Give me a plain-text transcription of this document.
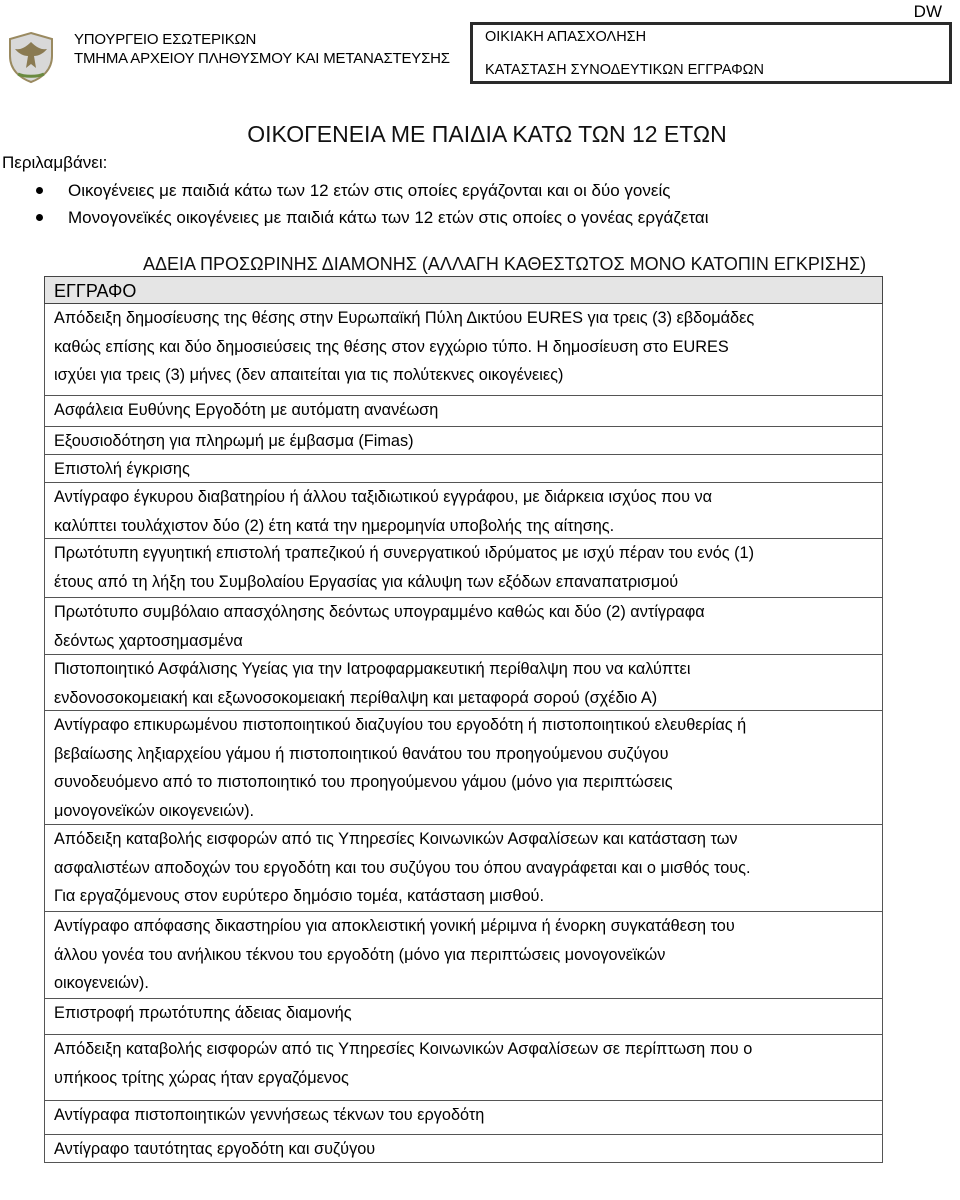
DW
ΥΠΟΥΡΓΕΙΟ ΕΣΩΤΕΡΙΚΩΝ
ΤΜΗΜΑ ΑΡΧΕΙΟΥ ΠΛΗΘΥΣΜΟΥ ΚΑΙ ΜΕΤΑΝΑΣΤΕΥΣΗΣ
ΟΙΚΙΑΚΗ ΑΠΑΣΧΟΛΗΣΗ
ΚΑΤΑΣΤΑΣΗ ΣΥΝΟΔΕΥΤΙΚΩΝ ΕΓΓΡΑΦΩΝ
ΟΙΚΟΓΕΝΕΙΑ ΜΕ ΠΑΙΔΙΑ ΚΑΤΩ ΤΩΝ 12 ΕΤΩΝ
Περιλαμβάνει:
Οικογένειες με παιδιά κάτω των 12 ετών στις οποίες εργάζονται και οι δύο γονείς
Μονογονεϊκές οικογένειες με παιδιά κάτω των 12 ετών στις οποίες ο γονέας εργάζεται
ΑΔΕΙΑ ΠΡΟΣΩΡΙΝΗΣ ΔΙΑΜΟΝΗΣ (ΑΛΛΑΓΗ ΚΑΘΕΣΤΩΤΟΣ ΜΟΝΟ ΚΑΤΟΠΙΝ ΕΓΚΡΙΣΗΣ)
ΕΓΓΡΑΦΟ
Απόδειξη δημοσίευσης της θέσης στην Ευρωπαϊκή Πύλη Δικτύου EURES για τρεις (3) εβδομάδες
καθώς επίσης και δύο δημοσιεύσεις της θέσης στον εγχώριο τύπο. Η δημοσίευση στο EURES
ισχύει για τρεις (3) μήνες (δεν απαιτείται για τις πολύτεκνες οικογένειες)
Ασφάλεια Ευθύνης Εργοδότη με αυτόματη ανανέωση
Εξουσιοδότηση για πληρωμή με έμβασμα (Fimas)
Επιστολή έγκρισης
Αντίγραφο έγκυρου διαβατηρίου ή άλλου ταξιδιωτικού εγγράφου, με διάρκεια ισχύος που να
καλύπτει τουλάχιστον δύο (2) έτη κατά την ημερομηνία υποβολής της αίτησης.
Πρωτότυπη εγγυητική επιστολή τραπεζικού ή συνεργατικού ιδρύματος με ισχύ πέραν του ενός (1)
έτους από τη λήξη του Συμβολαίου Εργασίας για κάλυψη των εξόδων επαναπατρισμού
Πρωτότυπο συμβόλαιο απασχόλησης δεόντως υπογραμμένο καθώς και δύο (2) αντίγραφα
δεόντως χαρτοσημασμένα
Πιστοποιητικό Ασφάλισης Υγείας για την Ιατροφαρμακευτική περίθαλψη που να καλύπτει
ενδονοσοκομειακή και εξωνοσοκομειακή περίθαλψη και μεταφορά σορού (σχέδιο Α)
Αντίγραφο επικυρωμένου πιστοποιητικού διαζυγίου του εργοδότη ή πιστοποιητικού ελευθερίας ή
βεβαίωσης ληξιαρχείου γάμου ή πιστοποιητικού θανάτου του προηγούμενου συζύγου
συνοδευόμενο από το πιστοποιητικό του προηγούμενου γάμου (μόνο για περιπτώσεις
μονογονεϊκών οικογενειών).
Απόδειξη καταβολής εισφορών από τις Υπηρεσίες Κοινωνικών Ασφαλίσεων και κατάσταση των
ασφαλιστέων αποδοχών του εργοδότη και του συζύγου του όπου αναγράφεται και ο μισθός τους.
Για εργαζόμενους στον ευρύτερο δημόσιο τομέα, κατάσταση μισθού.
Αντίγραφο απόφασης δικαστηρίου για αποκλειστική γονική μέριμνα ή ένορκη συγκατάθεση του
άλλου γονέα του ανήλικου τέκνου του εργοδότη (μόνο για περιπτώσεις μονογονεϊκών
οικογενειών).
Επιστροφή πρωτότυπης άδειας διαμονής
Απόδειξη καταβολής εισφορών από τις Υπηρεσίες Κοινωνικών Ασφαλίσεων σε περίπτωση που ο
υπήκοος τρίτης χώρας ήταν εργαζόμενος
Αντίγραφα πιστοποιητικών γεννήσεως τέκνων του εργοδότη
Αντίγραφο ταυτότητας εργοδότη και συζύγου
